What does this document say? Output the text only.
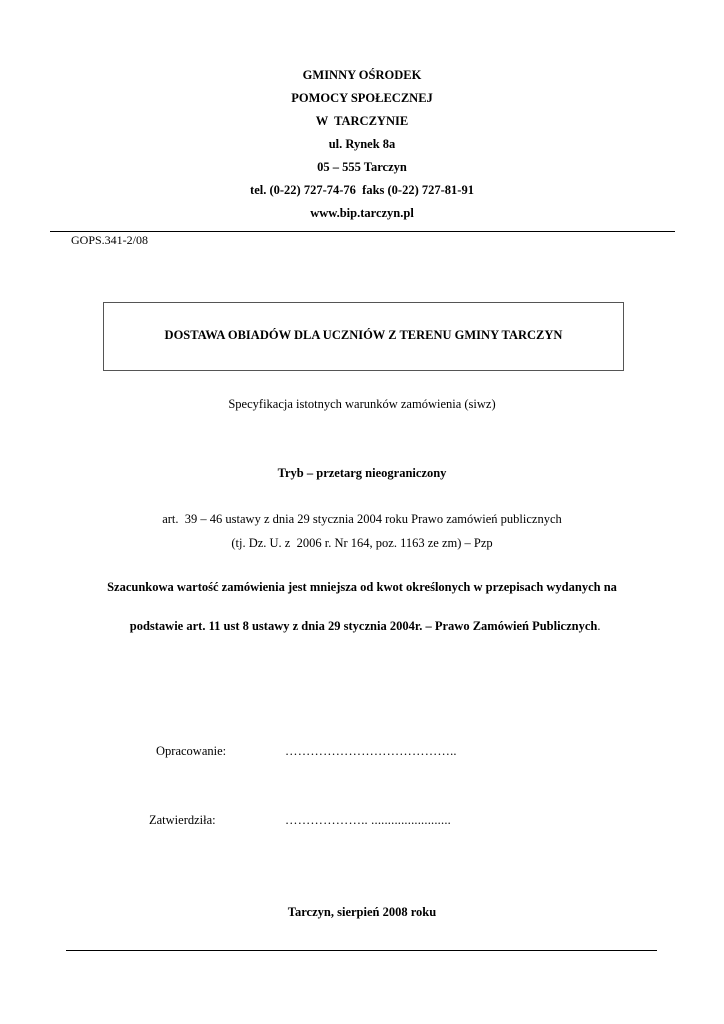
GMINNY OŚRODEK
POMOCY SPOŁECZNEJ
W  TARCZYNIE
ul. Rynek 8a
05 – 555 Tarczyn
tel. (0-22) 727-74-76  faks (0-22) 727-81-91
www.bip.tarczyn.pl
GOPS.341-2/08
DOSTAWA OBIADÓW DLA UCZNIÓW Z TERENU GMINY TARCZYN
Specyfikacja istotnych warunków zamówienia (siwz)
Tryb – przetarg nieograniczony
art.  39 – 46 ustawy z dnia 29 stycznia 2004 roku Prawo zamówień publicznych
(tj. Dz. U. z  2006 r. Nr 164, poz. 1163 ze zm) – Pzp
Szacunkowa wartość zamówienia jest mniejsza od kwot określonych w przepisach wydanych na

podstawie art. 11 ust 8 ustawy z dnia 29 stycznia 2004r. – Prawo Zamówień Publicznych.

Opracowanie:	…………………………………..
Zatwierdziła:	……………….. ........................
Tarczyn, sierpień 2008 roku
